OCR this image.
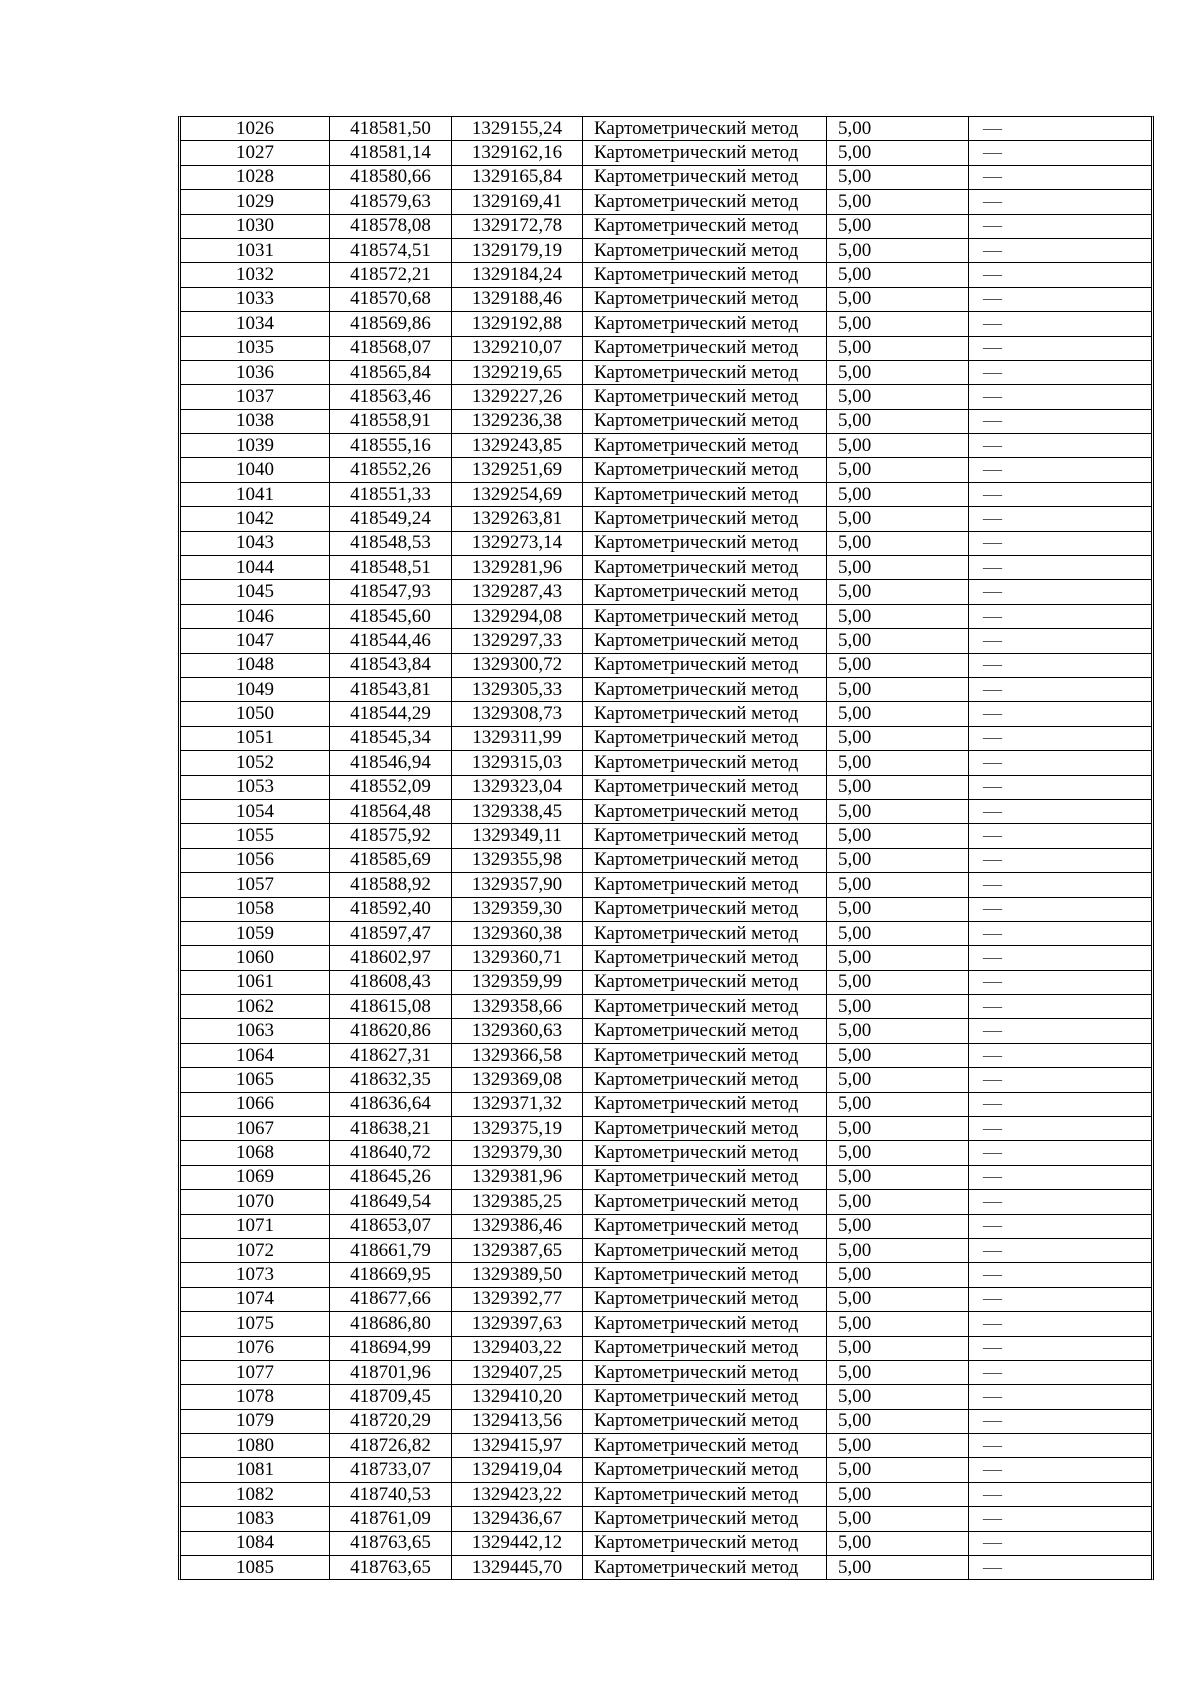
1026	418581,50	1329155,24	Картометрический метод	5,00	—
1027	418581,14	1329162,16	Картометрический метод	5,00	—
1028	418580,66	1329165,84	Картометрический метод	5,00	—
1029	418579,63	1329169,41	Картометрический метод	5,00	—
1030	418578,08	1329172,78	Картометрический метод	5,00	—
1031	418574,51	1329179,19	Картометрический метод	5,00	—
1032	418572,21	1329184,24	Картометрический метод	5,00	—
1033	418570,68	1329188,46	Картометрический метод	5,00	—
1034	418569,86	1329192,88	Картометрический метод	5,00	—
1035	418568,07	1329210,07	Картометрический метод	5,00	—
1036	418565,84	1329219,65	Картометрический метод	5,00	—
1037	418563,46	1329227,26	Картометрический метод	5,00	—
1038	418558,91	1329236,38	Картометрический метод	5,00	—
1039	418555,16	1329243,85	Картометрический метод	5,00	—
1040	418552,26	1329251,69	Картометрический метод	5,00	—
1041	418551,33	1329254,69	Картометрический метод	5,00	—
1042	418549,24	1329263,81	Картометрический метод	5,00	—
1043	418548,53	1329273,14	Картометрический метод	5,00	—
1044	418548,51	1329281,96	Картометрический метод	5,00	—
1045	418547,93	1329287,43	Картометрический метод	5,00	—
1046	418545,60	1329294,08	Картометрический метод	5,00	—
1047	418544,46	1329297,33	Картометрический метод	5,00	—
1048	418543,84	1329300,72	Картометрический метод	5,00	—
1049	418543,81	1329305,33	Картометрический метод	5,00	—
1050	418544,29	1329308,73	Картометрический метод	5,00	—
1051	418545,34	1329311,99	Картометрический метод	5,00	—
1052	418546,94	1329315,03	Картометрический метод	5,00	—
1053	418552,09	1329323,04	Картометрический метод	5,00	—
1054	418564,48	1329338,45	Картометрический метод	5,00	—
1055	418575,92	1329349,11	Картометрический метод	5,00	—
1056	418585,69	1329355,98	Картометрический метод	5,00	—
1057	418588,92	1329357,90	Картометрический метод	5,00	—
1058	418592,40	1329359,30	Картометрический метод	5,00	—
1059	418597,47	1329360,38	Картометрический метод	5,00	—
1060	418602,97	1329360,71	Картометрический метод	5,00	—
1061	418608,43	1329359,99	Картометрический метод	5,00	—
1062	418615,08	1329358,66	Картометрический метод	5,00	—
1063	418620,86	1329360,63	Картометрический метод	5,00	—
1064	418627,31	1329366,58	Картометрический метод	5,00	—
1065	418632,35	1329369,08	Картометрический метод	5,00	—
1066	418636,64	1329371,32	Картометрический метод	5,00	—
1067	418638,21	1329375,19	Картометрический метод	5,00	—
1068	418640,72	1329379,30	Картометрический метод	5,00	—
1069	418645,26	1329381,96	Картометрический метод	5,00	—
1070	418649,54	1329385,25	Картометрический метод	5,00	—
1071	418653,07	1329386,46	Картометрический метод	5,00	—
1072	418661,79	1329387,65	Картометрический метод	5,00	—
1073	418669,95	1329389,50	Картометрический метод	5,00	—
1074	418677,66	1329392,77	Картометрический метод	5,00	—
1075	418686,80	1329397,63	Картометрический метод	5,00	—
1076	418694,99	1329403,22	Картометрический метод	5,00	—
1077	418701,96	1329407,25	Картометрический метод	5,00	—
1078	418709,45	1329410,20	Картометрический метод	5,00	—
1079	418720,29	1329413,56	Картометрический метод	5,00	—
1080	418726,82	1329415,97	Картометрический метод	5,00	—
1081	418733,07	1329419,04	Картометрический метод	5,00	—
1082	418740,53	1329423,22	Картометрический метод	5,00	—
1083	418761,09	1329436,67	Картометрический метод	5,00	—
1084	418763,65	1329442,12	Картометрический метод	5,00	—
1085	418763,65	1329445,70	Картометрический метод	5,00	—
